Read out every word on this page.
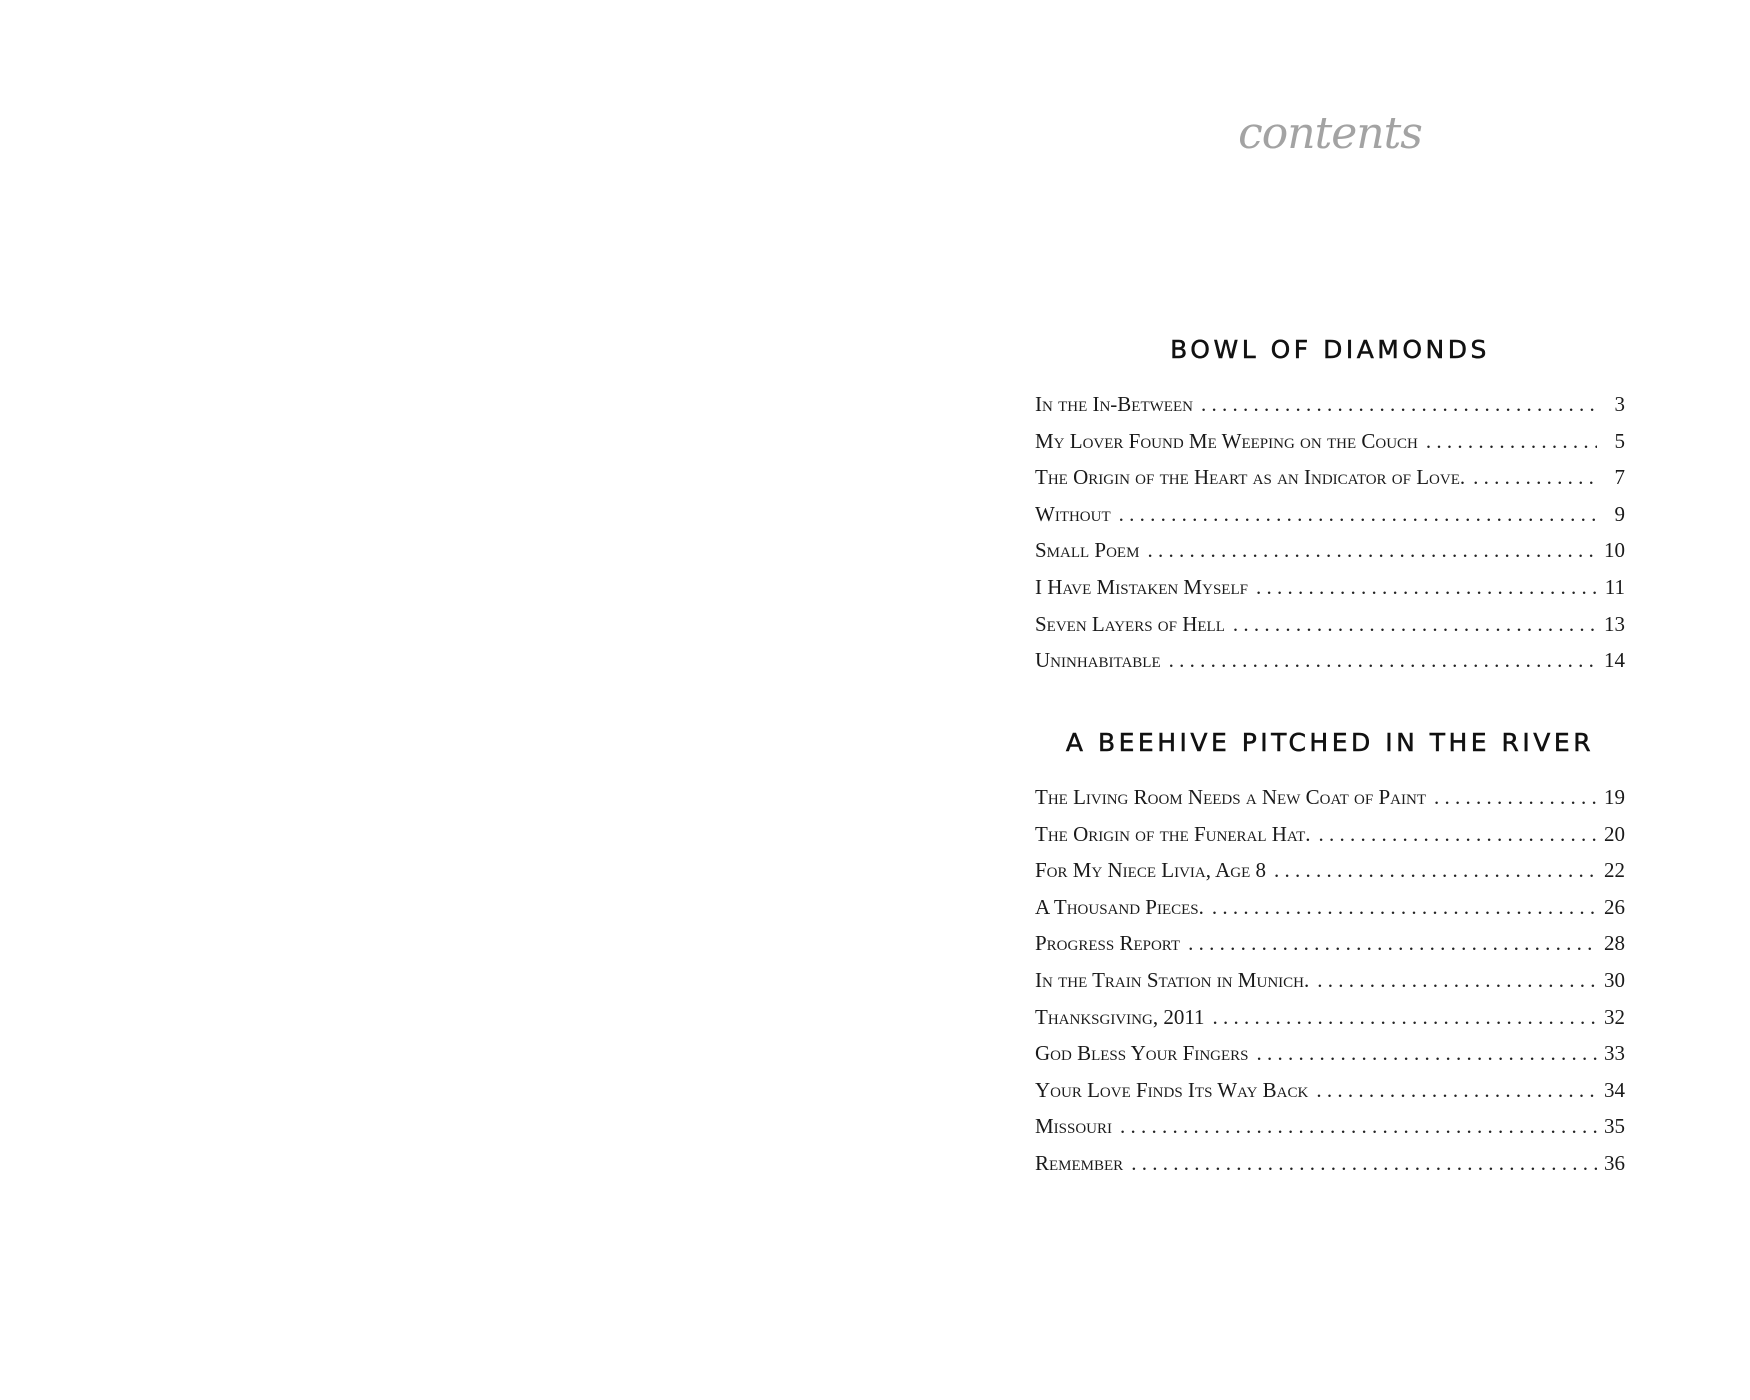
contents
BOWL OF DIAMONDS
In the In-Between . . .	3
My Lover Found Me Weeping on the Couch . . .	5
The Origin of the Heart as an Indicator of Love. . . .	7
Without . . .	9
Small Poem . . .	10
I Have Mistaken Myself . . .	11
Seven Layers of Hell . . .	13
Uninhabitable . . .	14
A BEEHIVE PITCHED IN THE RIVER
The Living Room Needs a New Coat of Paint . . .	19
The Origin of the Funeral Hat. . . .	20
For My Niece Livia, Age 8 . . .	22
A Thousand Pieces. . . .	26
Progress Report . . .	28
In the Train Station in Munich. . . .	30
Thanksgiving, 2011 . . .	32
God Bless Your Fingers . . .	33
Your Love Finds Its Way Back . . .	34
Missouri . . .	35
Remember . . .	36
